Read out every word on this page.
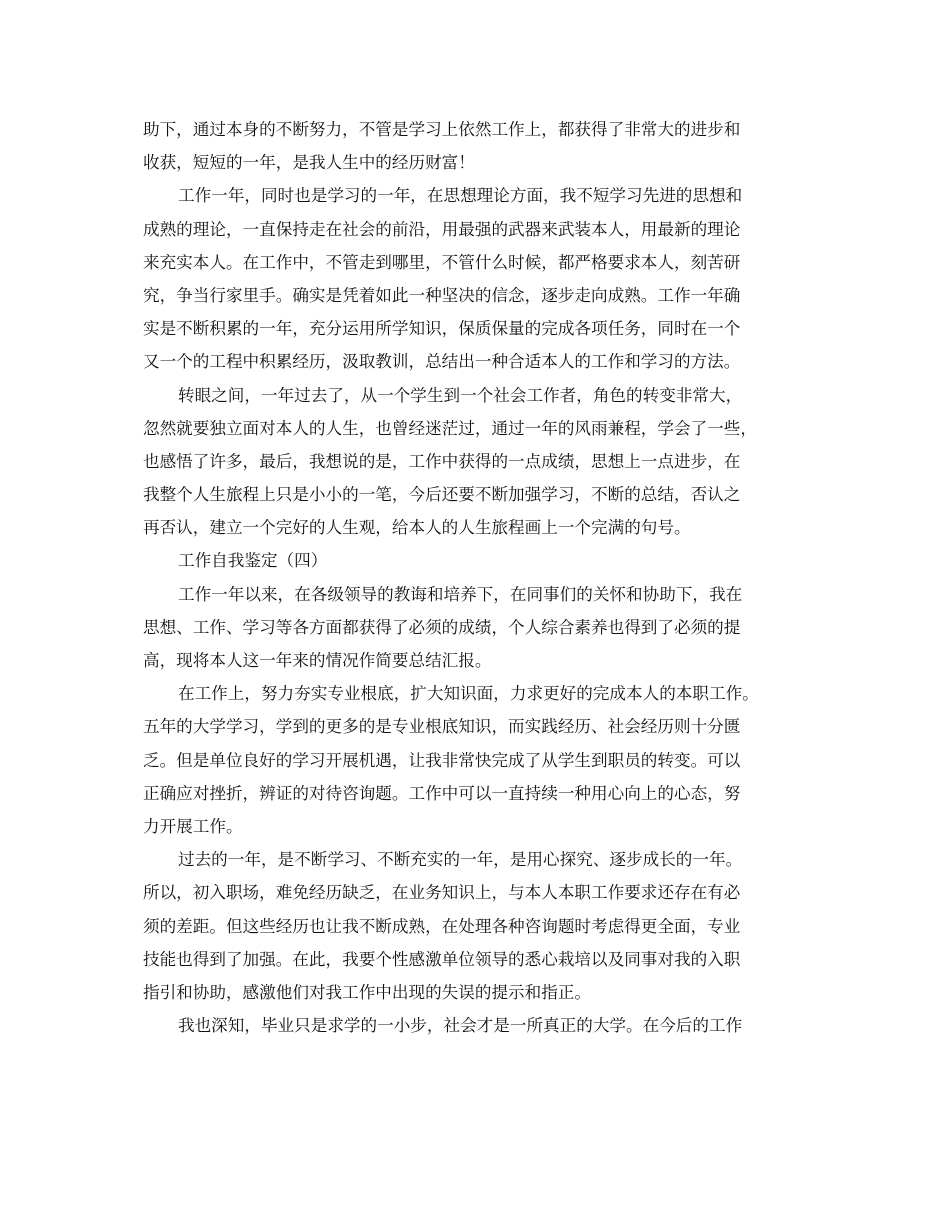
助下，通过本身的不断努力，不管是学习上依然工作上，都获得了非常大的进步和
收获，短短的一年，是我人生中的经历财富！
工作一年，同时也是学习的一年，在思想理论方面，我不短学习先进的思想和
成熟的理论，一直保持走在社会的前沿，用最强的武器来武装本人，用最新的理论
来充实本人。在工作中，不管走到哪里，不管什么时候，都严格要求本人，刻苦研
究，争当行家里手。确实是凭着如此一种坚决的信念，逐步走向成熟。工作一年确
实是不断积累的一年，充分运用所学知识，保质保量的完成各项任务，同时在一个
又一个的工程中积累经历，汲取教训，总结出一种合适本人的工作和学习的方法。
转眼之间，一年过去了，从一个学生到一个社会工作者，角色的转变非常大，
忽然就要独立面对本人的人生，也曾经迷茫过，通过一年的风雨兼程，学会了一些，
也感悟了许多，最后，我想说的是，工作中获得的一点成绩，思想上一点进步，在
我整个人生旅程上只是小小的一笔，今后还要不断加强学习，不断的总结，否认之
再否认，建立一个完好的人生观，给本人的人生旅程画上一个完满的句号。
工作自我鉴定（四）
工作一年以来，在各级领导的教诲和培养下，在同事们的关怀和协助下，我在
思想、工作、学习等各方面都获得了必须的成绩，个人综合素养也得到了必须的提
高，现将本人这一年来的情况作简要总结汇报。
在工作上，努力夯实专业根底，扩大知识面，力求更好的完成本人的本职工作。
五年的大学学习，学到的更多的是专业根底知识，而实践经历、社会经历则十分匮
乏。但是单位良好的学习开展机遇，让我非常快完成了从学生到职员的转变。可以
正确应对挫折，辨证的对待咨询题。工作中可以一直持续一种用心向上的心态，努
力开展工作。
过去的一年，是不断学习、不断充实的一年，是用心探究、逐步成长的一年。
所以，初入职场，难免经历缺乏，在业务知识上，与本人本职工作要求还存在有必
须的差距。但这些经历也让我不断成熟，在处理各种咨询题时考虑得更全面，专业
技能也得到了加强。在此，我要个性感激单位领导的悉心栽培以及同事对我的入职
指引和协助，感激他们对我工作中出现的失误的提示和指正。
我也深知，毕业只是求学的一小步，社会才是一所真正的大学。在今后的工作
